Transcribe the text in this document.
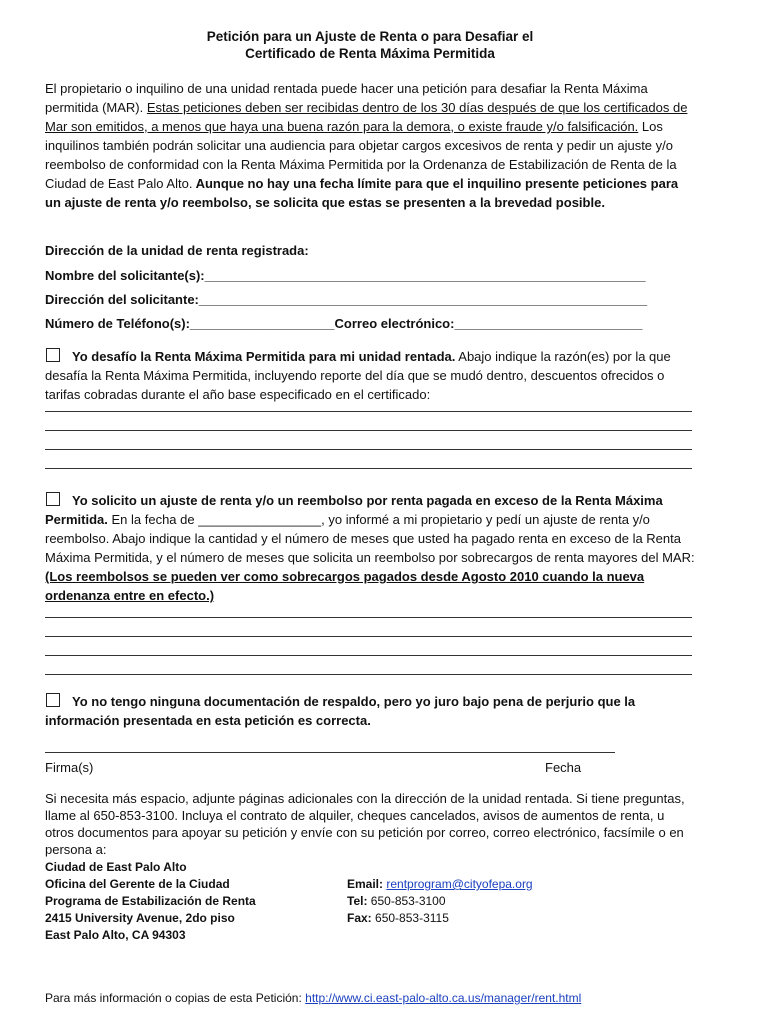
Petición para un Ajuste de Renta o para Desafiar el
Certificado de Renta Máxima Permitida
El propietario o inquilino de una unidad rentada puede hacer una petición para desafiar la Renta Máxima permitida (MAR). Estas peticiones deben ser recibidas dentro de los 30 días después de que los certificados de Mar son emitidos, a menos que haya una buena razón para la demora, o existe fraude y/o falsificación. Los inquilinos también podrán solicitar una audiencia para objetar cargos excesivos de renta y pedir un ajuste y/o reembolso de conformidad con la Renta Máxima Permitida por la Ordenanza de Estabilización de Renta de la Ciudad de East Palo Alto. Aunque no hay una fecha límite para que el inquilino presente peticiones para un ajuste de renta y/o reembolso, se solicita que estas se presenten a la brevedad posible.
Dirección de la unidad de renta registrada:
Nombre del solicitante(s):_____________________________________________________________
Dirección del solicitante:______________________________________________________________
Número de Teléfono(s):____________________Correo electrónico:__________________________
Yo desafío la Renta Máxima Permitida para mi unidad rentada. Abajo indique la razón(es) por la que desafía la Renta Máxima Permitida, incluyendo reporte del día que se mudó dentro, descuentos ofrecidos o tarifas cobradas durante el año base especificado en el certificado:
Yo solicito un ajuste de renta y/o un reembolso por renta pagada en exceso de la Renta Máxima Permitida. En la fecha de _________________, yo informé a mi propietario y pedí un ajuste de renta y/o reembolso. Abajo indique la cantidad y el número de meses que usted ha pagado renta en exceso de la Renta Máxima Permitida, y el número de meses que solicita un reembolso por sobrecargos de renta mayores del MAR: (Los reembolsos se pueden ver como sobrecargos pagados desde Agosto 2010 cuando la nueva ordenanza entre en efecto.)
Yo no tengo ninguna documentación de respaldo, pero yo juro bajo pena de perjurio que la información presentada en esta petición es correcta.
Firma(s)	Fecha
Si necesita más espacio, adjunte páginas adicionales con la dirección de la unidad rentada. Si tiene preguntas, llame al 650-853-3100. Incluya el contrato de alquiler, cheques cancelados, avisos de aumentos de renta, u otros documentos para apoyar su petición y envíe con su petición por correo, correo electrónico, facsímile o en persona a:
Ciudad de East Palo Alto
Oficina del Gerente de la Ciudad
Programa de Estabilización de Renta
2415 University Avenue, 2do piso
East Palo Alto, CA 94303
Email: rentprogram@cityofepa.org
Tel: 650-853-3100
Fax: 650-853-3115
Para más información o copias de esta Petición: http://www.ci.east-palo-alto.ca.us/manager/rent.html
